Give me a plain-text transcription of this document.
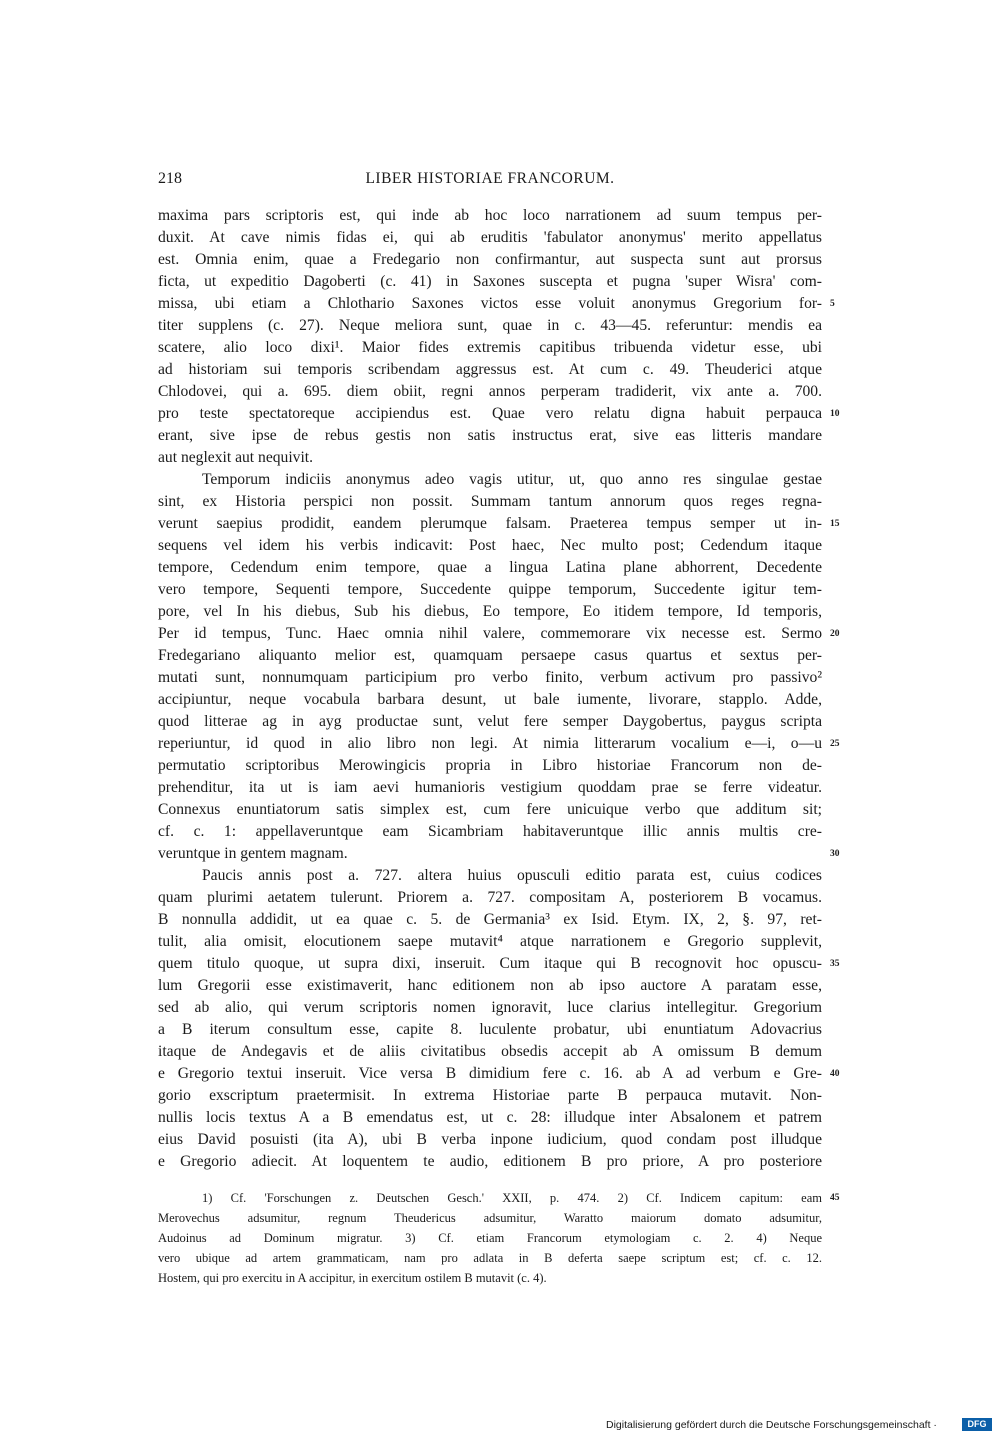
218	LIBER HISTORIAE FRANCORUM.
maxima pars scriptoris est, qui inde ab hoc loco narrationem ad suum tempus per-
duxit. At cave nimis fidas ei, qui ab eruditis 'fabulator anonymus' merito appellatus
est. Omnia enim, quae a Fredegario non confirmantur, aut suspecta sunt aut prorsus
ficta, ut expeditio Dagoberti (c. 41) in Saxones suscepta et pugna 'super Wisra' com-
missa, ubi etiam a Chlothario Saxones victos esse voluit anonymus Gregorium for-
titer supplens (c. 27). Neque meliora sunt, quae in c. 43—45. referuntur: mendis ea
scatere, alio loco dixi¹. Maior fides extremis capitibus tribuenda videtur esse, ubi
ad historiam sui temporis scribendam aggressus est. At cum c. 49. Theuderici atque
Chlodovei, qui a. 695. diem obiit, regni annos perperam tradiderit, vix ante a. 700.
pro teste spectatoreque accipiendus est. Quae vero relatu digna habuit perpauca
erant, sive ipse de rebus gestis non satis instructus erat, sive eas litteris mandare
aut neglexit aut nequivit.
Temporum indiciis anonymus adeo vagis utitur, ut, quo anno res singulae gestae
sint, ex Historia perspici non possit. Summam tantum annorum quos reges regna-
verunt saepius prodidit, eandem plerumque falsam. Praeterea tempus semper ut in-
sequens vel idem his verbis indicavit: Post haec, Nec multo post; Cedendum itaque
tempore, Cedendum enim tempore, quae a lingua Latina plane abhorrent, Decedente
vero tempore, Sequenti tempore, Succedente quippe temporum, Succedente igitur tem-
pore, vel In his diebus, Sub his diebus, Eo tempore, Eo itidem tempore, Id temporis,
Per id tempus, Tunc. Haec omnia nihil valere, commemorare vix necesse est. Sermo
Fredegariano aliquanto melior est, quamquam persaepe casus quartus et sextus per-
mutati sunt, nonnumquam participium pro verbo finito, verbum activum pro passivo²
accipiuntur, neque vocabula barbara desunt, ut bale iumente, livorare, stapplo. Adde,
quod litterae ag in ayg productae sunt, velut fere semper Daygobertus, paygus scripta
reperiuntur, id quod in alio libro non legi. At nimia litterarum vocalium e—i, o—u
permutatio scriptoribus Merowingicis propria in Libro historiae Francorum non de-
prehenditur, ita ut is iam aevi humanioris vestigium quoddam prae se ferre videatur.
Connexus enuntiatorum satis simplex est, cum fere unicuique verbo que additum sit;
cf. c. 1: appellaveruntque eam Sicambriam habitaveruntque illic annis multis cre-
veruntque in gentem magnam.
Paucis annis post a. 727. altera huius opusculi editio parata est, cuius codices
quam plurimi aetatem tulerunt. Priorem a. 727. compositam A, posteriorem B vocamus.
B nonnulla addidit, ut ea quae c. 5. de Germania³ ex Isid. Etym. IX, 2, §. 97, ret-
tulit, alia omisit, elocutionem saepe mutavit⁴ atque narrationem e Gregorio supplevit,
quem titulo quoque, ut supra dixi, inseruit. Cum itaque qui B recognovit hoc opuscu-
lum Gregorii esse existimaverit, hanc editionem non ab ipso auctore A paratam esse,
sed ab alio, qui verum scriptoris nomen ignoravit, luce clarius intellegitur. Gregorium
a B iterum consultum esse, capite 8. luculente probatur, ubi enuntiatum Adovacrius
itaque de Andegavis et de aliis civitatibus obsedis accepit ab A omissum B demum
e Gregorio textui inseruit. Vice versa B dimidium fere c. 16. ab A ad verbum e Gre-
gorio exscriptum praetermisit. In extrema Historiae parte B perpauca mutavit. Non-
nullis locis textus A a B emendatus est, ut c. 28: illudque inter Absalonem et patrem
eius David posuisti (ita A), ubi B verba inpone iudicium, quod condam post illudque
e Gregorio adiecit. At loquentem te audio, editionem B pro priore, A pro posteriore
1) Cf. 'Forschungen z. Deutschen Gesch.' XXII, p. 474. 2) Cf. Indicem capitum: eam
Merovechus adsumitur, regnum Theudericus adsumitur, Waratto maiorum domato adsumitur,
Audoinus ad Dominum migratur. 3) Cf. etiam Francorum etymologiam c. 2. 4) Neque
vero ubique ad artem grammaticam, nam pro adlata in B deferta saepe scriptum est; cf. c. 12.
Hostem, qui pro exercitu in A accipitur, in exercitum ostilem B mutavit (c. 4).
5
10
15
20
25
30
35
40
45
Digitalisierung gefördert durch die Deutsche Forschungsgemeinschaft ·	DFG
